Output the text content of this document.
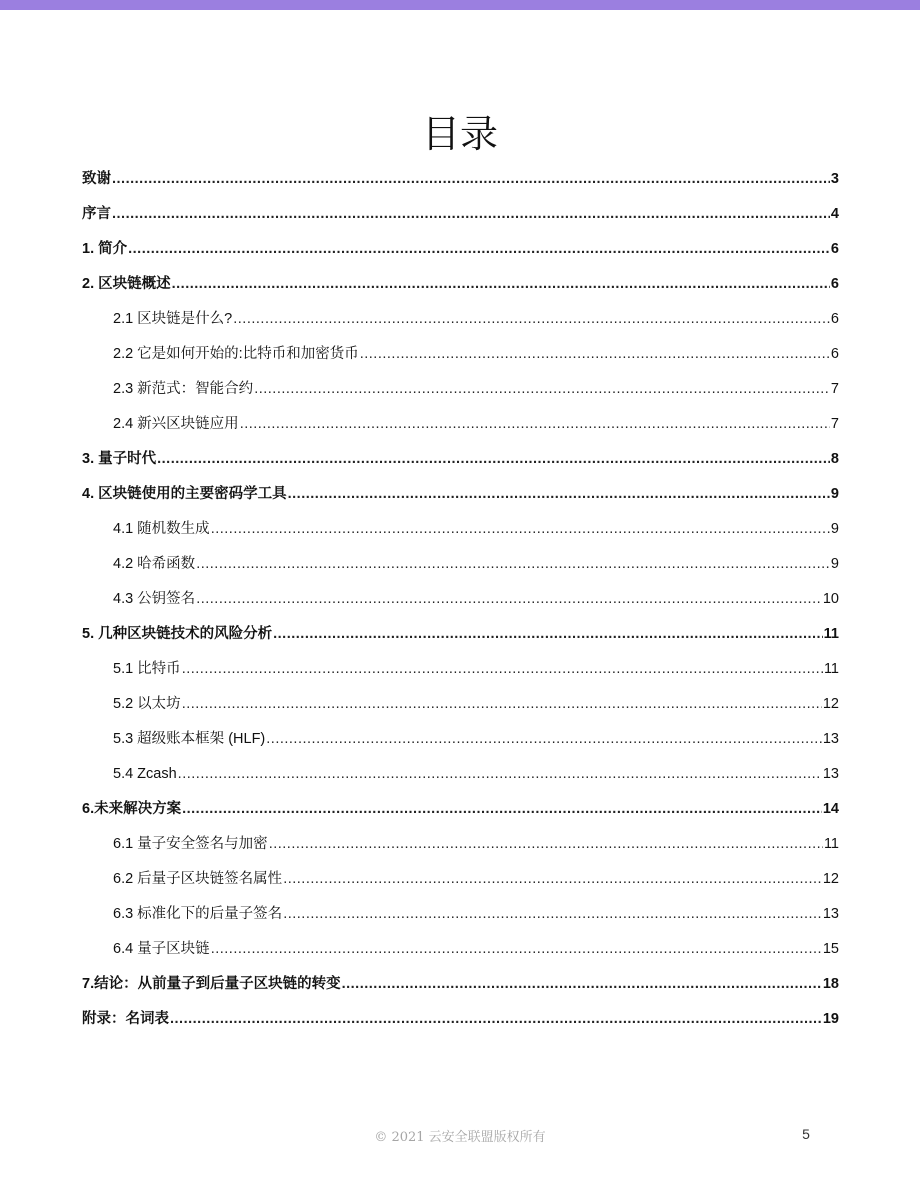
目录
致谢 .....	3
序言 .....	4
1. 简介 .....	6
2. 区块链概述 .....	6
2.1 区块链是什么? .....	6
2.2 它是如何开始的:比特币和加密货币 .....	6
2.3 新范式：智能合约 .....	7
2.4 新兴区块链应用 .....	7
3. 量子时代 .....	8
4. 区块链使用的主要密码学工具 .....	9
4.1 随机数生成 .....	9
4.2 哈希函数 .....	9
4.3 公钥签名 .....	10
5. 几种区块链技术的风险分析 .....	11
5.1 比特币 .....	11
5.2 以太坊 .....	12
5.3 超级账本框架 (HLF) .....	13
5.4 Zcash .....	13
6.未来解决方案 .....	14
6.1 量子安全签名与加密 .....	11
6.2 后量子区块链签名属性 .....	12
6.3 标准化下的后量子签名 .....	13
6.4 量子区块链 .....	15
7.结论：从前量子到后量子区块链的转变 .....	18
附录：名词表 .....	19
© 2021 云安全联盟版权所有	5
